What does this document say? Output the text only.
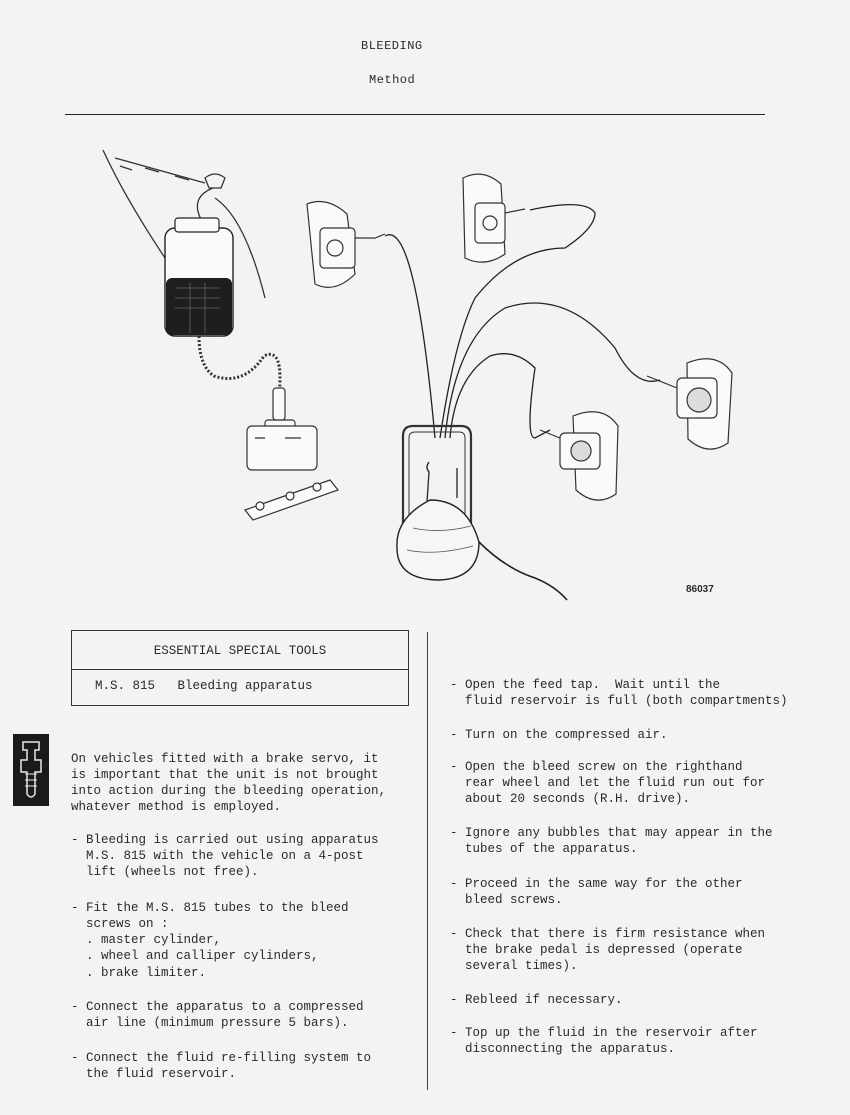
BLEEDING
Method
86037
ESSENTIAL SPECIAL TOOLS
M.S. 815 Bleeding apparatus

On vehicles fitted with a brake servo, it
is important that the unit is not brought
into action during the bleeding operation,
whatever method is employed.

- Bleeding is carried out using apparatus
M.S. 815 with the vehicle on a 4-post
lift (wheels not free).

- Fit the M.S. 815 tubes to the bleed
screws on :
. master cylinder,
. wheel and calliper cylinders,
. brake limiter.

- Connect the apparatus to a compressed
air line (minimum pressure 5 bars).

- Connect the fluid re-filling system to
the fluid reservoir.

- Open the feed tap.  Wait until the
fluid reservoir is full (both compartments)

- Turn on the compressed air.

- Open the bleed screw on the righthand
rear wheel and let the fluid run out for
about 20 seconds (R.H. drive).

- Ignore any bubbles that may appear in the
tubes of the apparatus.

- Proceed in the same way for the other
bleed screws.

- Check that there is firm resistance when
the brake pedal is depressed (operate
several times).

- Rebleed if necessary.

- Top up the fluid in the reservoir after
disconnecting the apparatus.
